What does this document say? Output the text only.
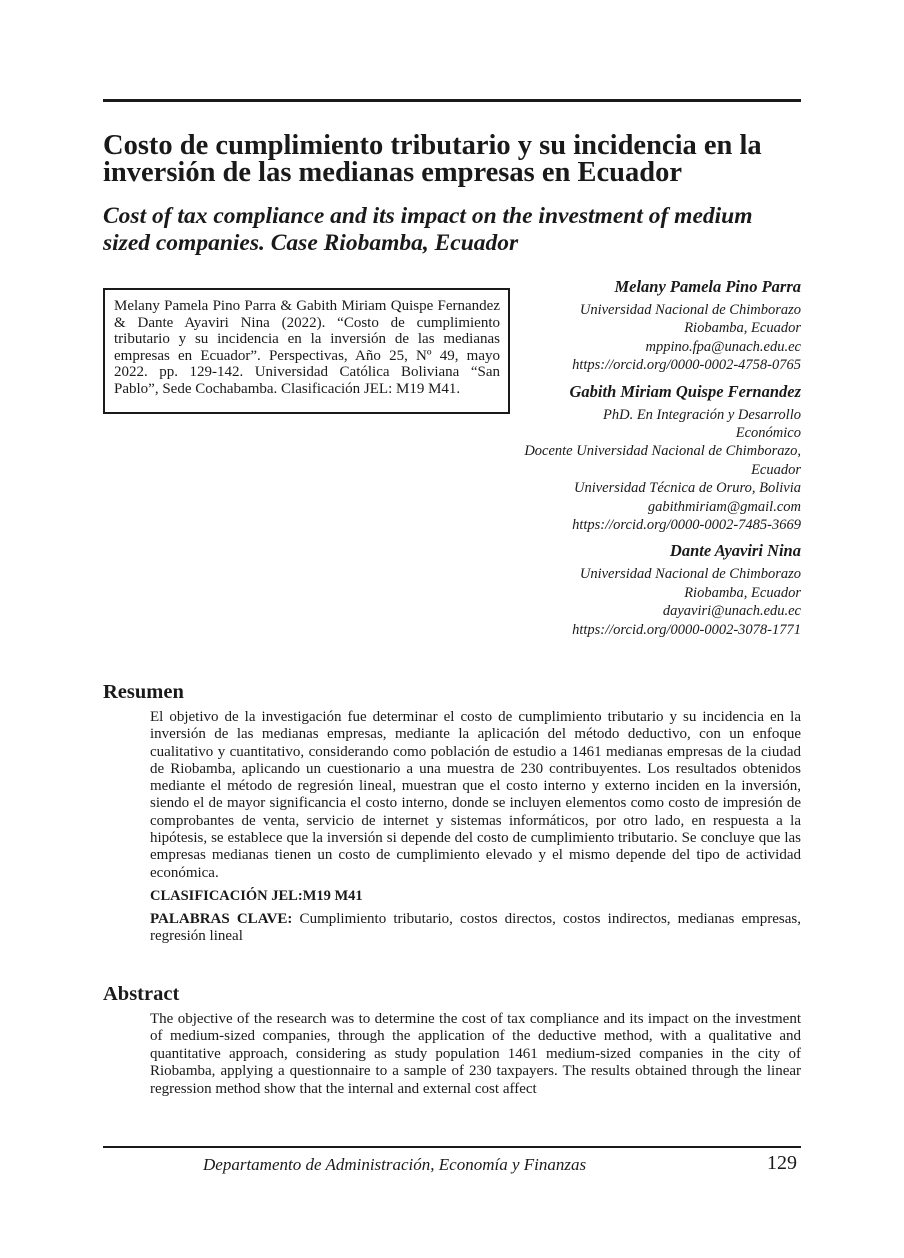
Costo de cumplimiento tributario y su incidencia en la inversión de las medianas empresas en Ecuador
Cost of tax compliance and its impact on the investment of medium sized companies. Case Riobamba, Ecuador
Melany Pamela Pino Parra & Gabith Miriam Quispe Fernandez & Dante Ayaviri Nina (2022). “Costo de cumplimiento tributario y su incidencia en la inversión de las medianas empresas en Ecuador”. Perspectivas, Año 25, Nº 49, mayo 2022. pp. 129-142. Universidad Católica Boliviana “San Pablo”, Sede Cochabamba. Clasificación JEL: M19 M41.
Melany Pamela Pino Parra
Universidad Nacional de Chimborazo
Riobamba, Ecuador
mppino.fpa@unach.edu.ec
https://orcid.org/0000-0002-4758-0765
Gabith Miriam Quispe Fernandez
PhD. En Integración y Desarrollo
Económico
Docente Universidad Nacional de Chimborazo,
Ecuador
Universidad Técnica de Oruro, Bolivia
gabithmiriam@gmail.com
https://orcid.org/0000-0002-7485-3669
Dante Ayaviri Nina
Universidad Nacional de Chimborazo
Riobamba, Ecuador
dayaviri@unach.edu.ec
https://orcid.org/0000-0002-3078-1771
Resumen

El objetivo de la investigación fue determinar el costo de cumplimiento tributario y su incidencia en la inversión de las medianas empresas, mediante la aplicación del método deductivo, con un enfoque cualitativo y cuantitativo, considerando como población de estudio a 1461 medianas empresas de la ciudad de Riobamba, aplicando un cuestionario a una muestra de 230 contribuyentes. Los resultados obtenidos mediante el método de regresión lineal, muestran que el costo interno y externo inciden en la inversión, siendo el de mayor significancia el costo interno, donde se incluyen elementos como costo de impresión de comprobantes de venta, servicio de internet y sistemas informáticos, por otro lado, en respuesta a la hipótesis, se establece que la inversión si depende del costo de cumplimiento tributario. Se concluye que las empresas medianas tienen un costo de cumplimiento elevado y el mismo depende del tipo de actividad económica.

CLASIFICACIÓN JEL:M19 M41
PALABRAS CLAVE: Cumplimiento tributario, costos directos, costos indirectos, medianas empresas, regresión lineal
Abstract

The objective of the research was to determine the cost of tax compliance and its impact on the investment of medium-sized companies, through the application of the deductive method, with a qualitative and quantitative approach, considering as study population 1461 medium-sized companies in the city of Riobamba, applying a questionnaire to a sample of 230 taxpayers. The results obtained through the linear regression method show that the internal and external cost affect

Departamento de Administración, Economía y Finanzas	129
